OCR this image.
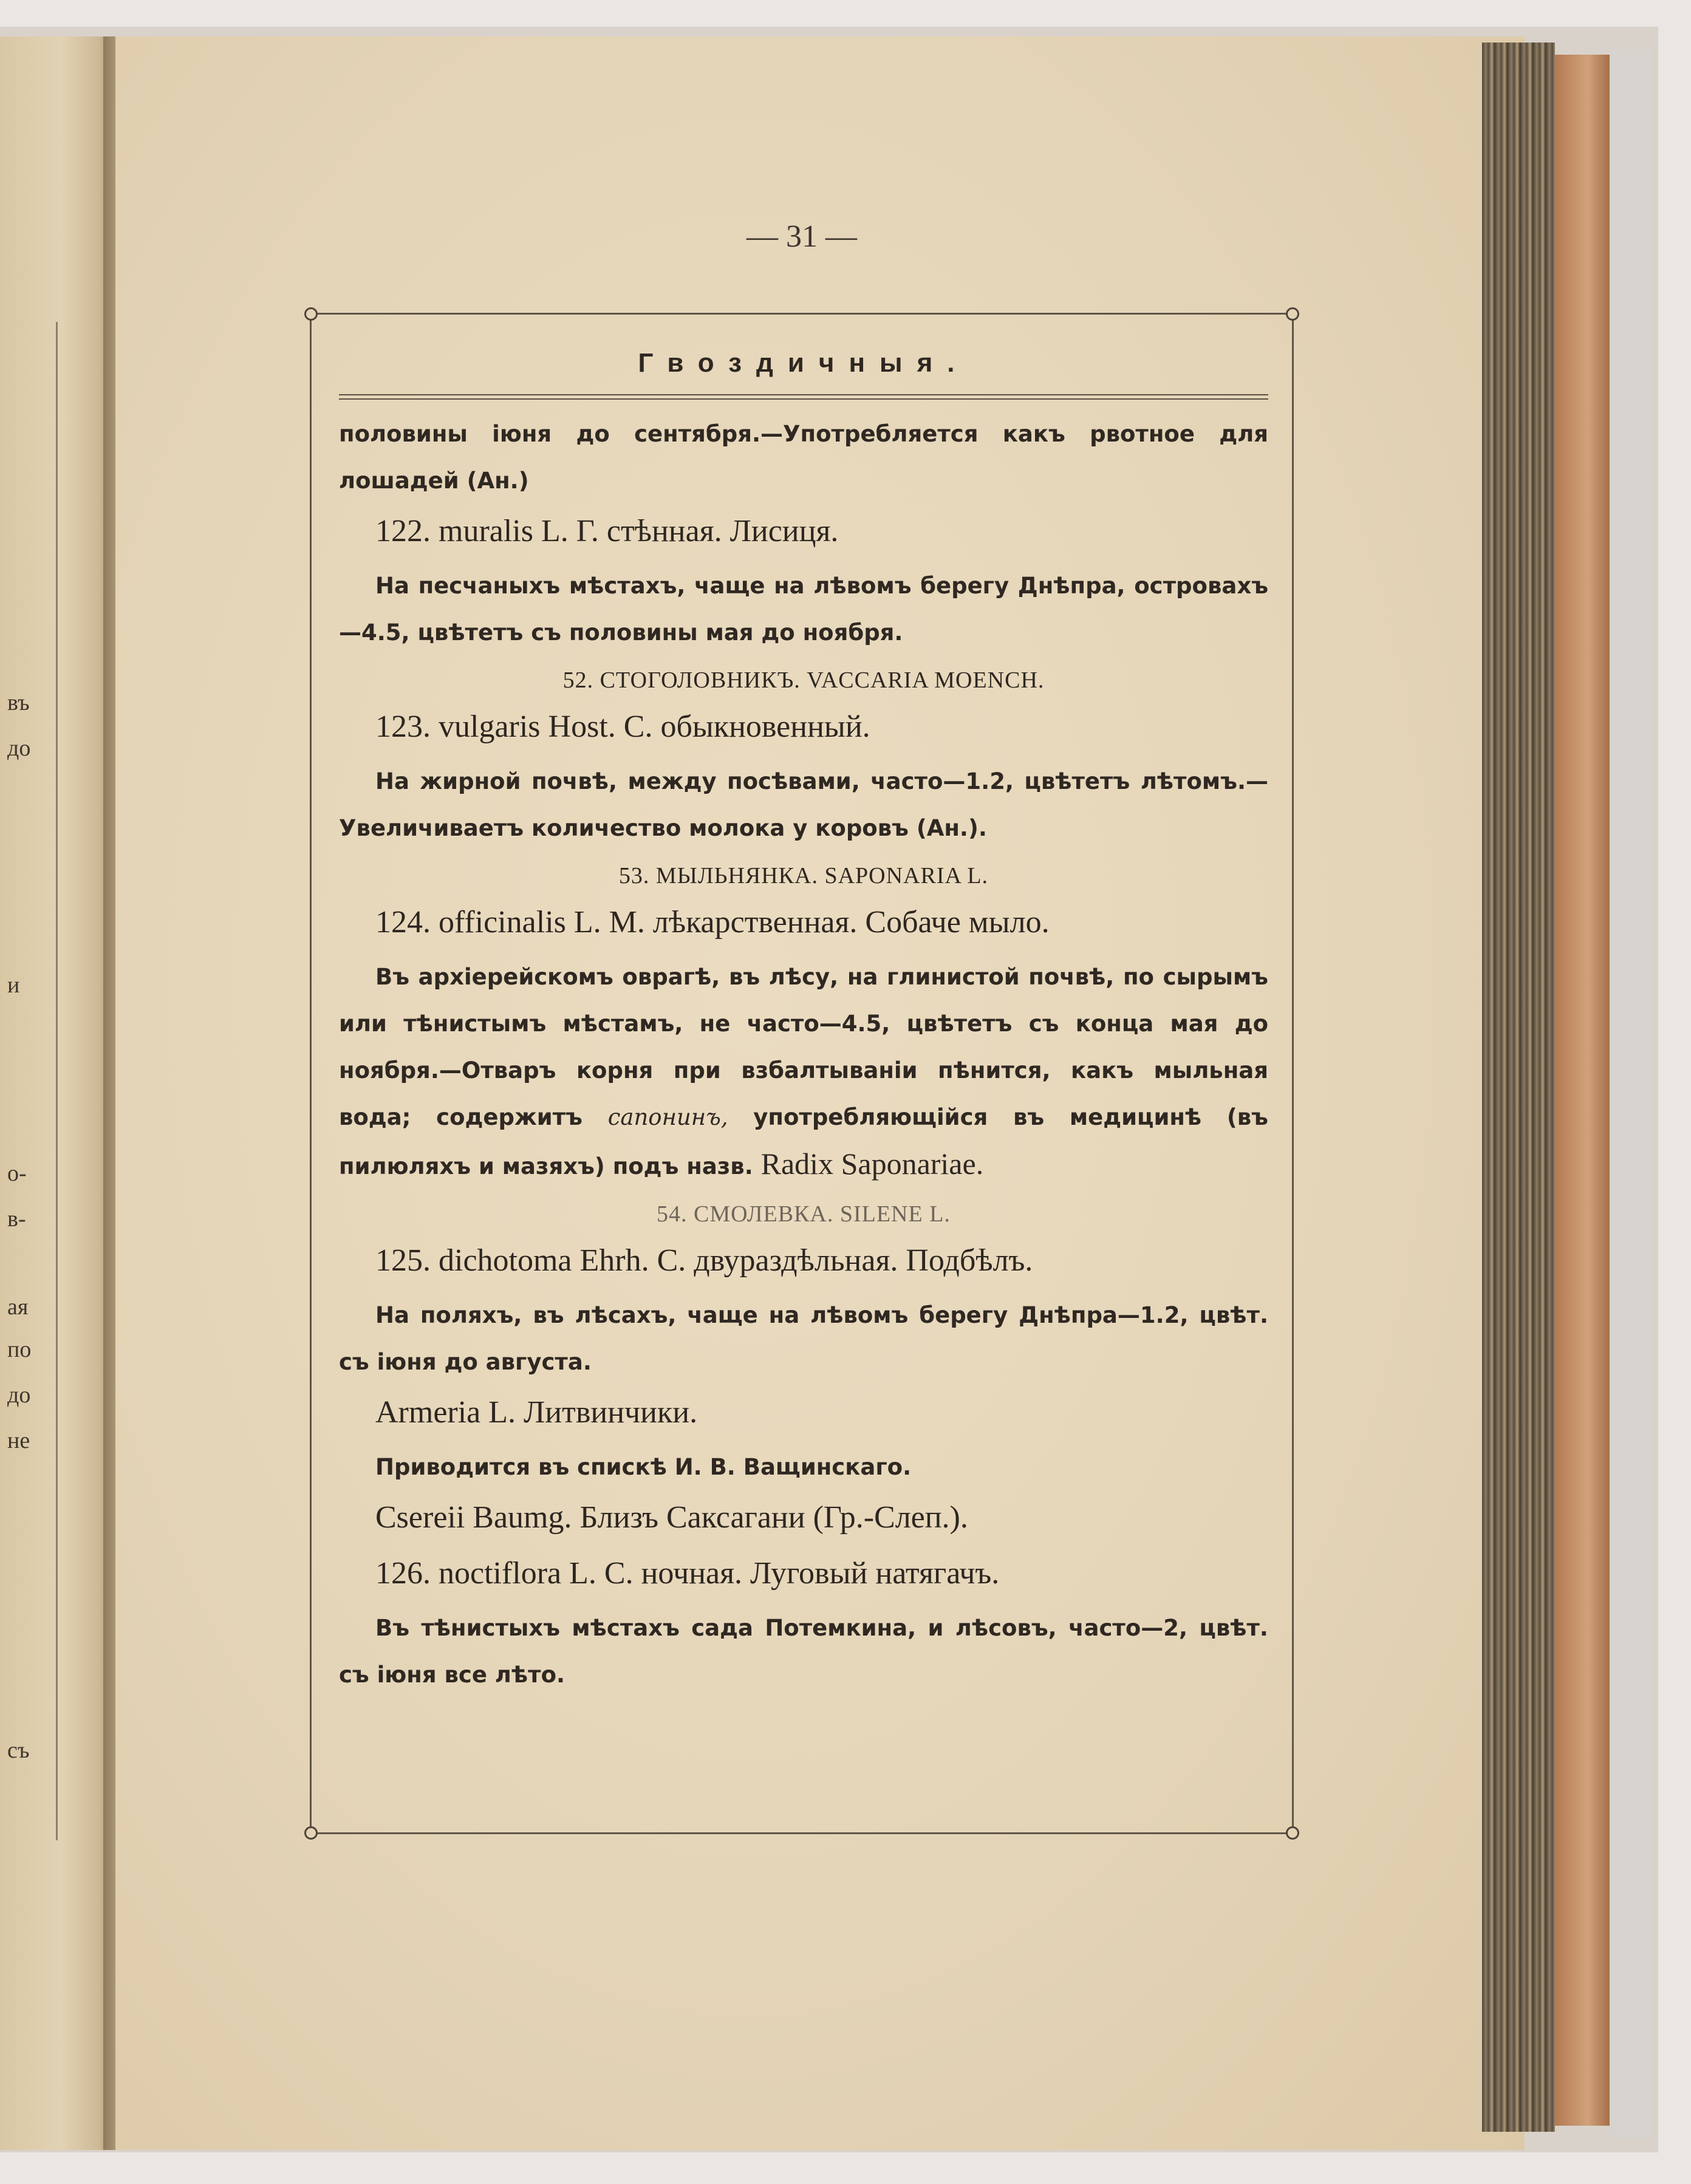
въ
до
и
о-
в-
ая
по
до
не
съ
— 31 —
Гвоздичныя.

половины іюня до сентября.—Употребляется какъ рвотное для лошадей (Ан.)

122. muralis L. Г. стѣнная. Лисиця.

На песчаныхъ мѣстахъ, чаще на лѣвомъ берегу Днѣпра, островахъ—4.5, цвѣтетъ съ половины мая до ноября.

52. СТОГОЛОВНИКЪ. VACCARIA MOENCH.
123. vulgaris Host. С. обыкновенный.

На жирной почвѣ, между посѣвами, часто—1.2, цвѣтетъ лѣтомъ.—Увеличиваетъ количество молока у коровъ (Ан.).

53. МЫЛЬНЯНКА. SAPONARIA L.
124. officinalis L. M. лѣкарственная. Собаче мыло.

Въ архіерейскомъ оврагѣ, въ лѣсу, на глинистой почвѣ, по сырымъ или тѣнистымъ мѣстамъ, не часто—4.5, цвѣтетъ съ конца мая до ноября.—Отваръ корня при взбалтываніи пѣнится, какъ мыльная вода; содержитъ сапонинъ, употребляющійся въ медицинѣ (въ пилюляхъ и мазяхъ) подъ назв. Radix Saponariae.

54. СМОЛЕВКА. SILENE L.
125. dichotoma Ehrh. С. двураздѣльная. Подбѣлъ.

На поляхъ, въ лѣсахъ, чаще на лѣвомъ берегу Днѣпра—1.2, цвѣт. съ іюня до августа.

Armeria L. Литвинчики.

Приводится въ спискѣ И. В. Ващинскаго.

Csereii Baumg. Близъ Саксагани (Гр.-Слеп.).
126. noctiflora L. С. ночная. Луговый натягачъ.

Въ тѣнистыхъ мѣстахъ сада Потемкина, и лѣсовъ, часто—2, цвѣт. съ іюня все лѣто.
